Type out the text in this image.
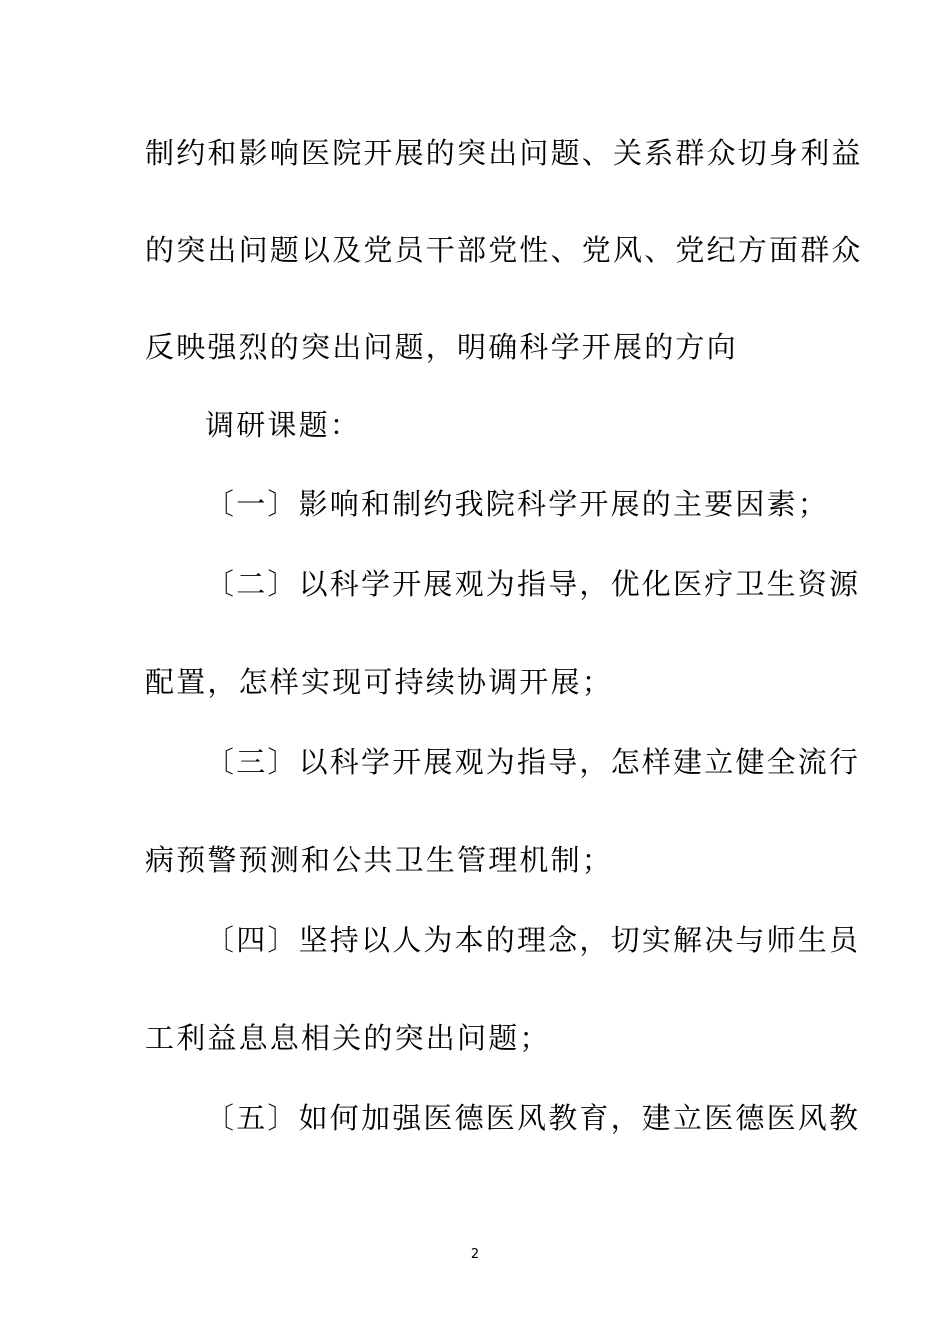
制约和影响医院开展的突出问题、关系群众切身利益
的突出问题以及党员干部党性、党风、党纪方面群众
反映强烈的突出问题，明确科学开展的方向
调研课题：
〔一〕影响和制约我院科学开展的主要因素；
〔二〕以科学开展观为指导，优化医疗卫生资源
配置，怎样实现可持续协调开展；
〔三〕以科学开展观为指导，怎样建立健全流行
病预警预测和公共卫生管理机制；
〔四〕坚持以人为本的理念，切实解决与师生员
工利益息息相关的突出问题；
〔五〕如何加强医德医风教育，建立医德医风教
2
